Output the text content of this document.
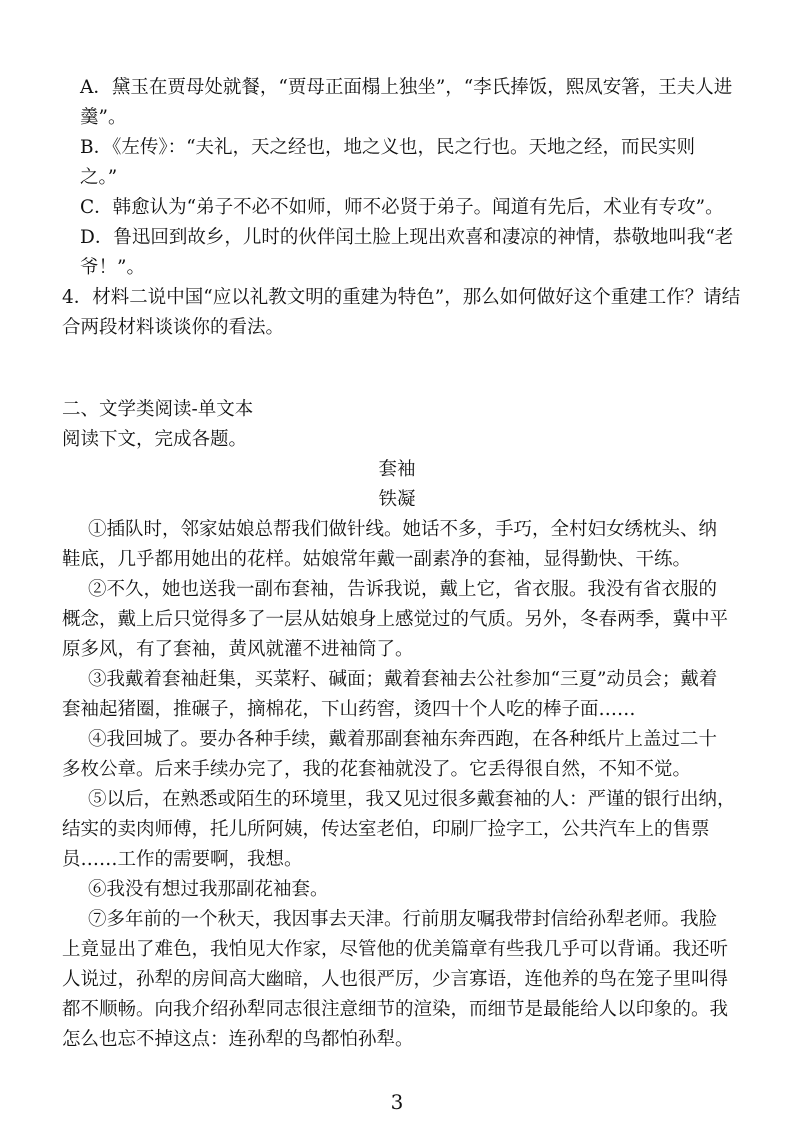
A．黛玉在贾母处就餐，“贾母正面榻上独坐”，“李氏捧饭，熙凤安箸，王夫人进
羹”。
B．《左传》：“夫礼，天之经也，地之义也，民之行也。天地之经，而民实则
之。”
C．韩愈认为“弟子不必不如师，师不必贤于弟子。闻道有先后，术业有专攻”。
D．鲁迅回到故乡，儿时的伙伴闰土脸上现出欢喜和凄凉的神情，恭敬地叫我“老
爷！”。
4．材料二说中国“应以礼教文明的重建为特色”，那么如何做好这个重建工作？请结
合两段材料谈谈你的看法。
二、文学类阅读-单文本
阅读下文，完成各题。
套袖
铁凝
①插队时，邻家姑娘总帮我们做针线。她话不多，手巧，全村妇女绣枕头、纳
鞋底，几乎都用她出的花样。姑娘常年戴一副素净的套袖，显得勤快、干练。
②不久，她也送我一副布套袖，告诉我说，戴上它，省衣服。我没有省衣服的
概念，戴上后只觉得多了一层从姑娘身上感觉过的气质。另外，冬春两季，冀中平
原多风，有了套袖，黄风就灌不进袖筒了。
③我戴着套袖赶集，买菜籽、碱面；戴着套袖去公社参加“三夏”动员会；戴着
套袖起猪圈，推碾子，摘棉花，下山药窖，烫四十个人吃的棒子面……
④我回城了。要办各种手续，戴着那副套袖东奔西跑，在各种纸片上盖过二十
多枚公章。后来手续办完了，我的花套袖就没了。它丢得很自然，不知不觉。
⑤以后，在熟悉或陌生的环境里，我又见过很多戴套袖的人：严谨的银行出纳，
结实的卖肉师傅，托儿所阿姨，传达室老伯，印刷厂捡字工，公共汽车上的售票
员……工作的需要啊，我想。
⑥我没有想过我那副花袖套。
⑦多年前的一个秋天，我因事去天津。行前朋友嘱我带封信给孙犁老师。我脸
上竟显出了难色，我怕见大作家，尽管他的优美篇章有些我几乎可以背诵。我还听
人说过，孙犁的房间高大幽暗，人也很严厉，少言寡语，连他养的鸟在笼子里叫得
都不顺畅。向我介绍孙犁同志很注意细节的渲染，而细节是最能给人以印象的。我
怎么也忘不掉这点：连孙犁的鸟都怕孙犁。
3
